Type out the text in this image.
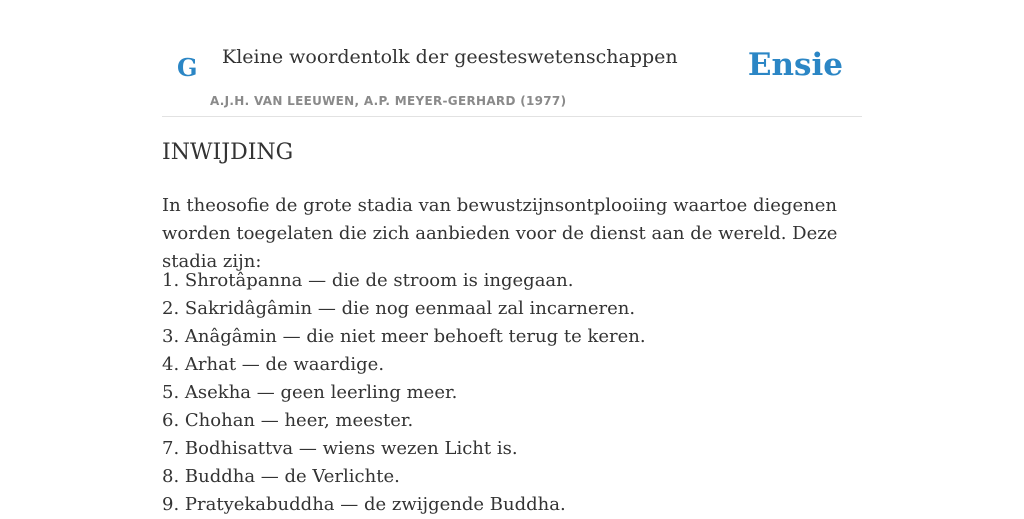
G Kleine woordentolk der geesteswetenschappen
A.J.H. VAN LEEUWEN, A.P. MEYER-GERHARD (1977)
Ensie
INWIJDING

In theosofie de grote stadia van bewustzijnsontplooiing waartoe diegenen worden toegelaten die zich aanbieden voor de dienst aan de wereld. Deze stadia zijn:

1. Shrotâpanna — die de stroom is ingegaan.
2. Sakridâgâmin — die nog eenmaal zal incarneren.
3. Anâgâmin — die niet meer behoeft terug te keren.
4. Arhat — de waardige.
5. Asekha — geen leerling meer.
6. Chohan — heer, meester.
7. Bodhisattva — wiens wezen Licht is.
8. Buddha — de Verlichte.
9. Pratyekabuddha — de zwijgende Buddha.
